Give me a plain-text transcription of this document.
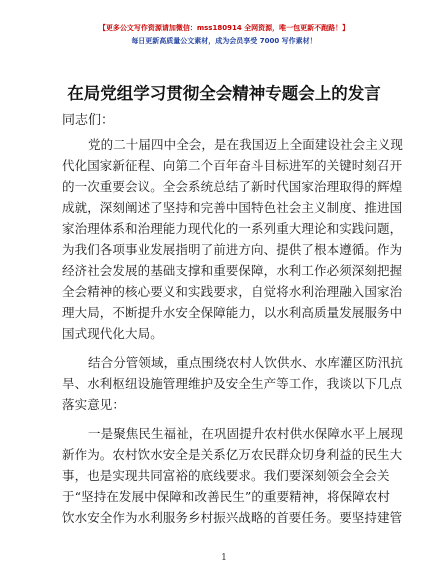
【更多公文写作资源请加微信：mss180914 全网资源，唯一包更新不跑路！】
每日更新高质量公文素材，成为会员享受 7000 写作素材！
在局党组学习贯彻全会精神专题会上的发言
同志们：
党的二十届四中全会，是在我国迈上全面建设社会主义现
代化国家新征程、向第二个百年奋斗目标进军的关键时刻召开
的一次重要会议。全会系统总结了新时代国家治理取得的辉煌
成就，深刻阐述了坚持和完善中国特色社会主义制度、推进国
家治理体系和治理能力现代化的一系列重大理论和实践问题，
为我们各项事业发展指明了前进方向、提供了根本遵循。作为
经济社会发展的基础支撑和重要保障，水利工作必须深刻把握
全会精神的核心要义和实践要求，自觉将水利治理融入国家治
理大局，不断提升水安全保障能力，以水利高质量发展服务中
国式现代化大局。
结合分管领域，重点围绕农村人饮供水、水库灌区防汛抗
旱、水利枢纽设施管理维护及安全生产等工作，我谈以下几点
落实意见：
一是聚焦民生福祉，在巩固提升农村供水保障水平上展现
新作为。农村饮水安全是关系亿万农民群众切身利益的民生大
事，也是实现共同富裕的底线要求。我们要深刻领会全会关
于“坚持在发展中保障和改善民生”的重要精神，将保障农村
饮水安全作为水利服务乡村振兴战略的首要任务。要坚持建管
1
